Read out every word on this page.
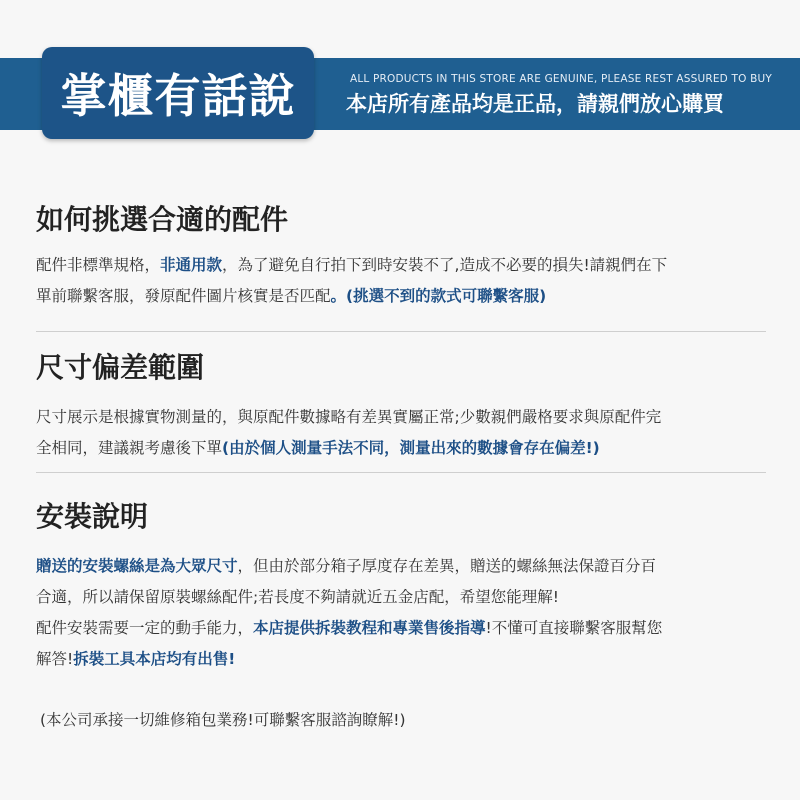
掌櫃有話說	ALL PRODUCTS IN THIS STORE ARE GENUINE, PLEASE REST ASSURED TO BUY
本店所有產品均是正品，請親們放心購買
如何挑選合適的配件

配件非標準規格，非通用款，為了避免自行拍下到時安裝不了,造成不必要的損失!請親們在下

單前聯繫客服，發原配件圖片核實是否匹配。(挑選不到的款式可聯繫客服)

尺寸偏差範圍

尺寸展示是根據實物測量的，與原配件數據略有差異實屬正常;少數親們嚴格要求與原配件完

全相同，建議親考慮後下單(由於個人測量手法不同，測量出來的數據會存在偏差!)

安裝說明

贈送的安裝螺絲是為大眾尺寸，但由於部分箱子厚度存在差異，贈送的螺絲無法保證百分百

合適，所以請保留原裝螺絲配件;若長度不夠請就近五金店配，希望您能理解!

配件安裝需要一定的動手能力，本店提供拆裝教程和專業售後指導!不懂可直接聯繫客服幫您

解答!拆裝工具本店均有出售!

(本公司承接一切維修箱包業務!可聯繫客服諮詢瞭解!)
